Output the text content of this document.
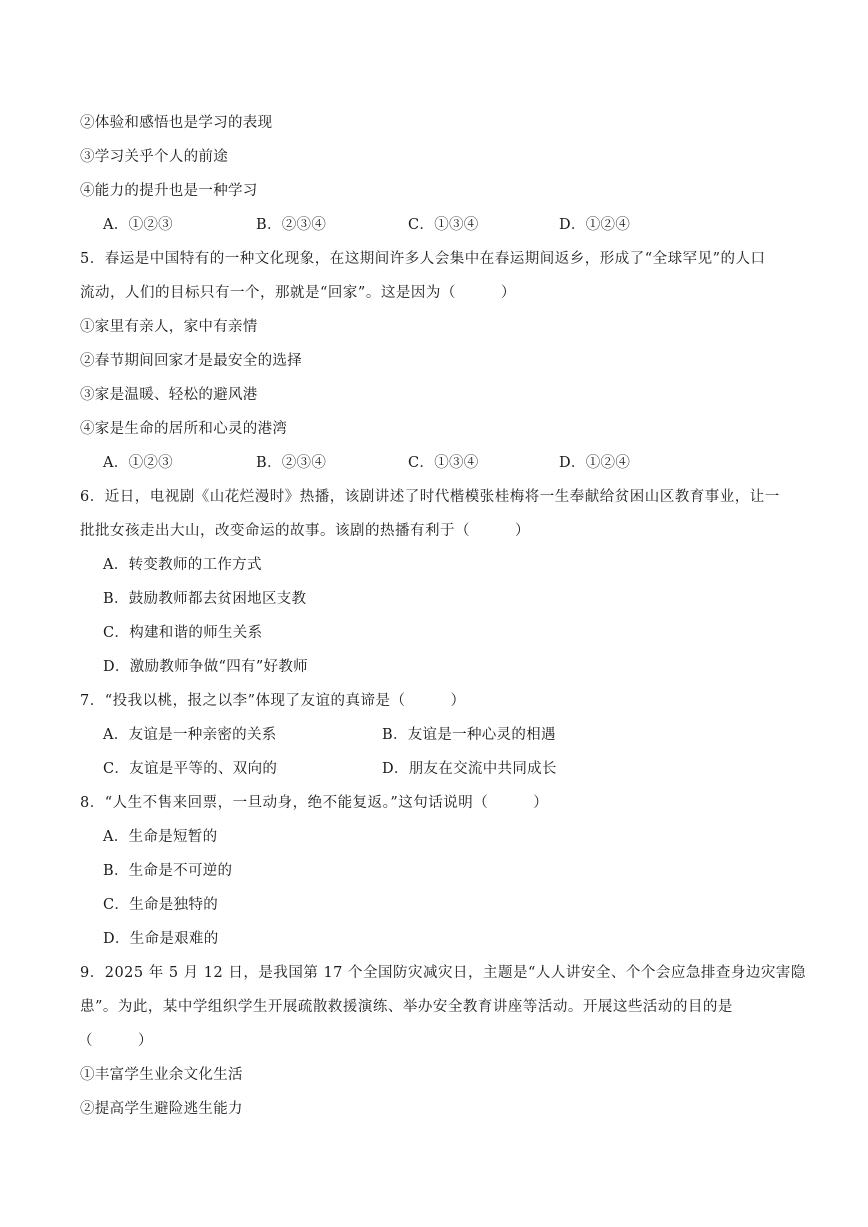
②体验和感悟也是学习的表现
③学习关乎个人的前途
④能力的提升也是一种学习
A．①②③	B．②③④	C．①③④	D．①②④
5．春运是中国特有的一种文化现象，在这期间许多人会集中在春运期间返乡，形成了“全球罕见”的人口
流动，人们的目标只有一个，那就是“回家”。这是因为（　　　）
①家里有亲人，家中有亲情
②春节期间回家才是最安全的选择
③家是温暖、轻松的避风港
④家是生命的居所和心灵的港湾
A．①②③	B．②③④	C．①③④	D．①②④
6．近日，电视剧《山花烂漫时》热播，该剧讲述了时代楷模张桂梅将一生奉献给贫困山区教育事业，让一
批批女孩走出大山，改变命运的故事。该剧的热播有利于（　　　）
A．转变教师的工作方式
B．鼓励教师都去贫困地区支教
C．构建和谐的师生关系
D．激励教师争做“四有”好教师
7．“投我以桃，报之以李”体现了友谊的真谛是（　　　）
A．友谊是一种亲密的关系	B．友谊是一种心灵的相遇
C．友谊是平等的、双向的	D．朋友在交流中共同成长
8．“人生不售来回票，一旦动身，绝不能复返。”这句话说明（　　　）
A．生命是短暂的
B．生命是不可逆的
C．生命是独特的
D．生命是艰难的
9．2025 年 5 月 12 日，是我国第 17 个全国防灾减灾日，主题是“人人讲安全、个个会应急排查身边灾害隐
患”。为此，某中学组织学生开展疏散救援演练、举办安全教育讲座等活动。开展这些活动的目的是
（　　　）
①丰富学生业余文化生活
②提高学生避险逃生能力
